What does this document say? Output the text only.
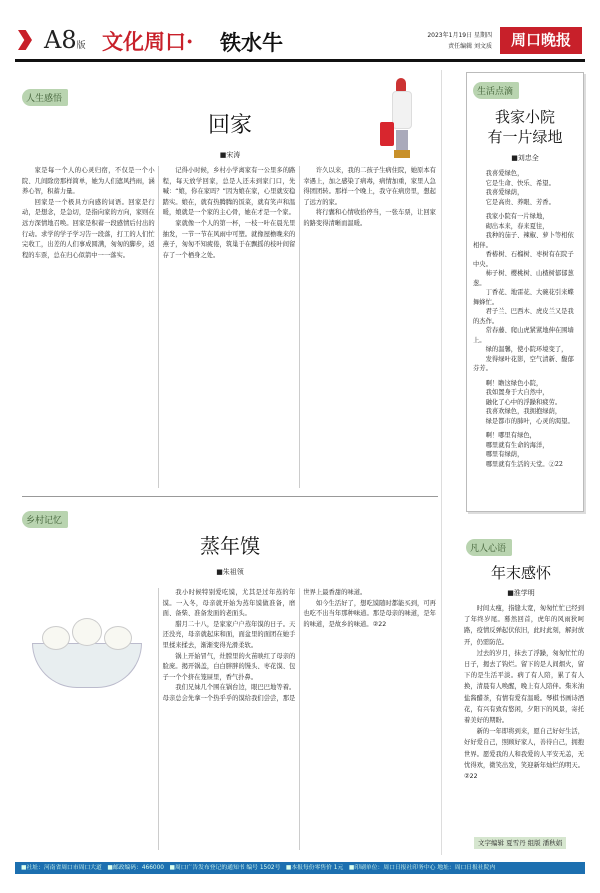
A8版 文化周口· 铁水牛	2023年1月19日 星期四
责任编辑 刘文质	周口晚报
人生感悟
回家
■宋涛

家是每一个人的心灵归宿，不仅是一个小院、几间除房那样简单，她为人们遮风挡雨，涵养心智，积蓄力量。

回家是一个极具方向感的词语。回家是行动，是想念，是急切，是指向家的方向，家则在远方深情地召唤。回家是积蓄一段感情后付出的行动。求学的学子学习告一段落，打工的人们忙完收工，出差的人们事成圆满，匆匆的脚步，返程的车票，总在归心似箭中一一落实。

记得小时候，乡村小学离家有一公里多的路程，每天放学回家，总是人还未到家门口，先喊：“娘，你在家吗？”因为娘在家，心里就安稳踏实。娘在，就有热腾腾的饭菜，就有笑声和温暖，娘就是一个家的主心骨，她在才是一个家。

家就像一个人的第一杯，一枝一叶在晨光里抽发，一节一节在风雨中可塑。就像屋檐晚来的燕子，匆匆不知疲倦，筑巢于在飘摇的枝叶间留存了一个栖身之处。

许久以来，我的二孩子生病住院，她原本有幸遇上，加之感染了病毒，病情加重，家里人急得团团转。那样一个晚上，我守在病房里，想起了远方的家。

将行囊和心情收拾停当，一张车票，让回家的路变得清晰而温暖。

乡村记忆
蒸年馍
■朱祖领

我小时候特别爱吃馍，尤其是过年蒸的年馍。一入冬，母亲就开始为蒸年馍做准备，磨面、备柴、准备发面的老面头。

腊月二十八，是家家户户蒸年馍的日子。天还没亮，母亲就起床和面，面盆里的面团在她手里揉来揉去，渐渐变得光滑柔软。

锅上开始冒气，灶膛里的火苗映红了母亲的脸庞。揭开锅盖，白白胖胖的馒头、枣花馍、包子一个个挤在笼屉里，香气扑鼻。

我们兄妹几个围在锅台边，眼巴巴地等着。母亲总会先拿一个热乎乎的馍给我们尝尝，那是世界上最香甜的味道。

如今生活好了，想吃馍随时都能买到，可再也吃不出当年那种味道。那是母亲的味道，是年的味道，是故乡的味道。②22

生活点滴
我家小院
有一片绿地
■刘忠全

我喜爱绿色，

它是生命、快乐、希望。

我喜爱绿荫，

它是高贵、养眼、芳香。

我家小院有一片绿地，

砌出本来，春来夏往，

我种的茄子、辣椒、萝卜等相依相伴。

香椿树、石榴树、枣树有在院子中央。

柿子树、樱桃树、山楂树郁郁葱葱。

丁香花、地雷花、大碗花引来蝶舞蜂忙。

君子兰、巴西木、虎皮兰又是我的杰作。

常春藤、爬山虎紧紧地伸在围墙上。

绿的温馨，使小院环境变了，

发得绿叶花影，空气清新、馥郁芬芳。

啊！瞻这绿色小院，

我如置身于大自然中，

融化了心中的浮躁和疲劳。

我喜欢绿色，我拥抱绿荫，

绿是都市的肺叶，心灵的渴望。

啊！哪里有绿色，

哪里就有生命的海洋，

哪里有绿荫，

哪里就有生活的天堂。②22

凡人心语
年末感怀
■淮学明

时间太瘦，指缝太宽，匆匆忙忙已经到了年终岁尾。蓦然回首，虎年的风雨狄呵路，疫情反弹起伏依旧，此时此刻，解封放开，仍需防范。

过去的岁月，抹去了浮躁，匆匆忙忙的日子，揭去了钩烂。留下的是人间烟火，留下的是生活平淡。病了有人陪，累了有人换，清晨有人唤醒，晚上有人陪伴。柴米油盐酱醋茶，有情有爱有温暖。琴棋书画诗酒花，有兴有致有悠闲，夕阳下的风景，寄托着美好的期盼。

新的一年即将到来，愿自己好好生活，好好爱自己，照顾好家人，善待自己，拥抱世界。愿爱我的人和我爱的人平安无恙，无忧得欢，微笑出发，笑迎新年灿烂的明天。②22

文字编辑 夏雪丹 组版 潘秋娟
■社址：河南省周口市周口大道 ■邮政编码：466000 ■周口广告发布登记的通知书 编号 1502号 ■本报每份零售价 1元 ■印刷单位：周口日报社印务中心 地址：周口日报社院内
